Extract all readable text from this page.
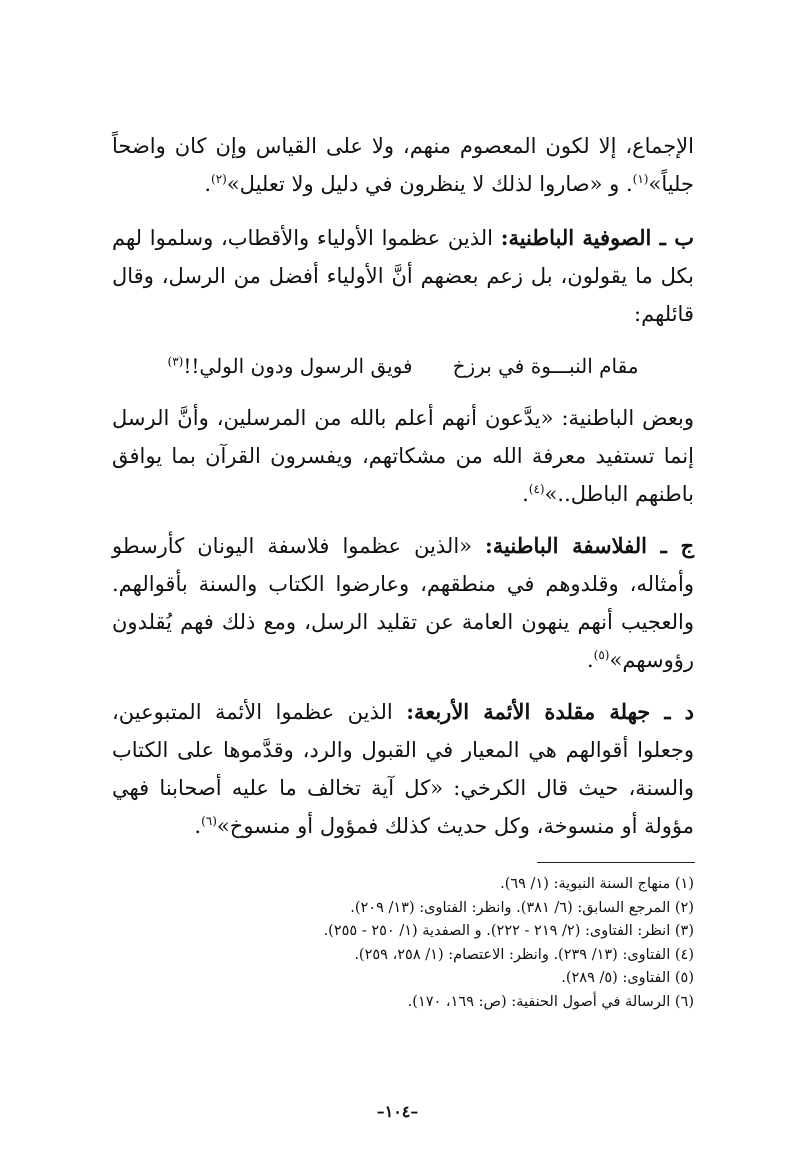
الإجماع، إلا لكون المعصوم منهم، ولا على القياس وإن كان واضحاً جلياً»$^{(١)}$. و «صاروا لذلك لا ينظرون في دليل ولا تعليل»$^{(٢)}$.

ب ـ الصوفية الباطنية: الذين عظموا الأولياء والأقطاب، وسلموا لهم بكل ما يقولون، بل زعم بعضهم أنَّ الأولياء أفضل من الرسل، وقال قائلهم:

مقام النبـــوة في برزخ
فويق الرسول ودون الولي!!$^{(٣)}$

وبعض الباطنية: «يدَّعون أنهم أعلم بالله من المرسلين، وأنَّ الرسل إنما تستفيد معرفة الله من مشكاتهم، ويفسرون القرآن بما يوافق باطنهم الباطل..»$^{(٤)}$.

ج ـ الفلاسفة الباطنية: «الذين عظموا فلاسفة اليونان كأرسطو وأمثاله، وقلدوهم في منطقهم، وعارضوا الكتاب والسنة بأقوالهم. والعجيب أنهم ينهون العامة عن تقليد الرسل، ومع ذلك فهم يُقلدون رؤوسهم»$^{(٥)}$.

د ـ جهلة مقلدة الأئمة الأربعة: الذين عظموا الأئمة المتبوعين، وجعلوا أقوالهم هي المعيار في القبول والرد، وقدَّموها على الكتاب والسنة، حيث قال الكرخي: «كل آية تخالف ما عليه أصحابنا فهي مؤولة أو منسوخة، وكل حديث كذلك فمؤول أو منسوخ»$^{(٦)}$.

(١) منهاج السنة النبوية: (١/ ٦٩).

(٢) المرجع السابق: (٦/ ٣٨١). وانظر: الفتاوى: (١٣/ ٢٠٩).

(٣) انظر: الفتاوى: (٢/ ٢١٩ - ٢٢٢). و الصفدية (١/ ٢٥٠ - ٢٥٥).

(٤) الفتاوى: (١٣/ ٢٣٩). وانظر: الاعتصام: (١/ ٢٥٨، ٢٥٩).

(٥) الفتاوى: (٥/ ٢٨٩).

(٦) الرسالة في أصول الحنفية: (ص: ١٦٩، ١٧٠).

–١٠٤–
